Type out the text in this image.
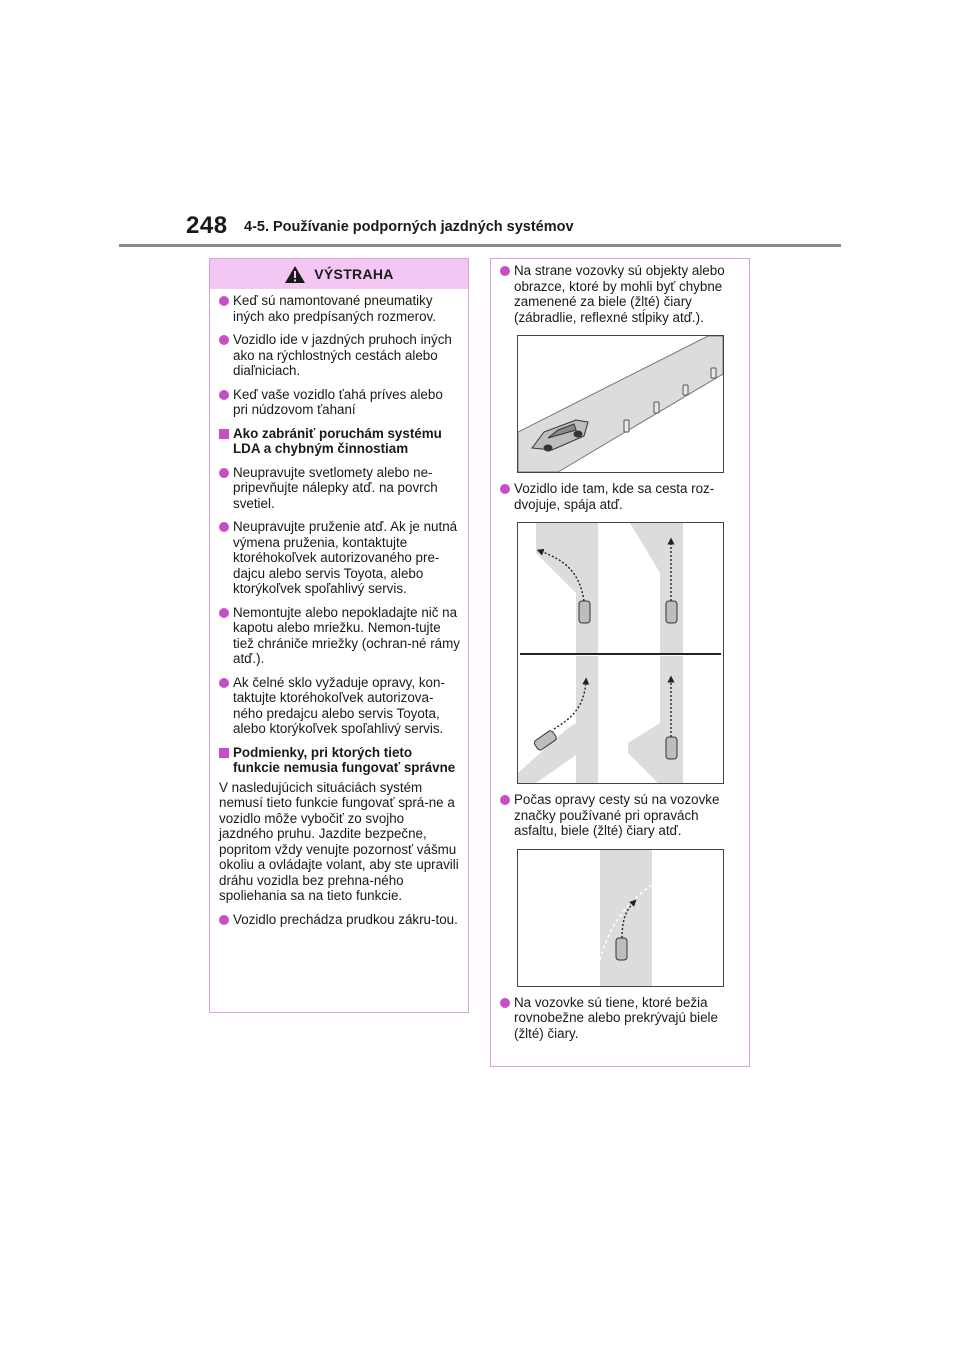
248 4-5. Používanie podporných jazdných systémov
VÝSTRAHA
Keď sú namontované pneumatiky iných ako predpísaných rozmerov.
Vozidlo ide v jazdných pruhoch iných ako na rýchlostných cestách alebo diaľniciach.
Keď vaše vozidlo ťahá príves alebo pri núdzovom ťahaní
Ako zabrániť poruchám systému LDA a chybným činnostiam
Neupravujte svetlomety alebo ne-pripevňujte nálepky atď. na povrch svetiel.
Neupravujte pruženie atď. Ak je nutná výmena pruženia, kontaktujte ktoréhokoľvek autorizovaného pre-dajcu alebo servis Toyota, alebo ktorýkoľvek spoľahlivý servis.
Nemontujte alebo nepokladajte nič na kapotu alebo mriežku. Nemon-tujte tiež chrániče mriežky (ochran-né rámy atď.).
Ak čelné sklo vyžaduje opravy, kon-taktujte ktoréhokoľvek autorizova-ného predajcu alebo servis Toyota, alebo ktorýkoľvek spoľahlivý servis.
Podmienky, pri ktorých tieto funkcie nemusia fungovať správne
V nasledujúcich situáciách systém nemusí tieto funkcie fungovať sprá-ne a vozidlo môže vybočiť zo svojho jazdného pruhu. Jazdite bezpečne, popritom vždy venujte pozornosť vášmu okoliu a ovládajte volant, aby ste upravili dráhu vozidla bez prehna-ného spoliehania sa na tieto funkcie.
Vozidlo prechádza prudkou zákru-tou.
Na strane vozovky sú objekty alebo obrazce, ktoré by mohli byť chybne zamenené za biele (žlté) čiary (zábradlie, reflexné stĺpiky atď.).
Vozidlo ide tam, kde sa cesta roz-dvojuje, spája atď.
Počas opravy cesty sú na vozovke značky používané pri opravách asfaltu, biele (žlté) čiary atď.
Na vozovke sú tiene, ktoré bežia rovnobežne alebo prekrývajú biele (žlté) čiary.
